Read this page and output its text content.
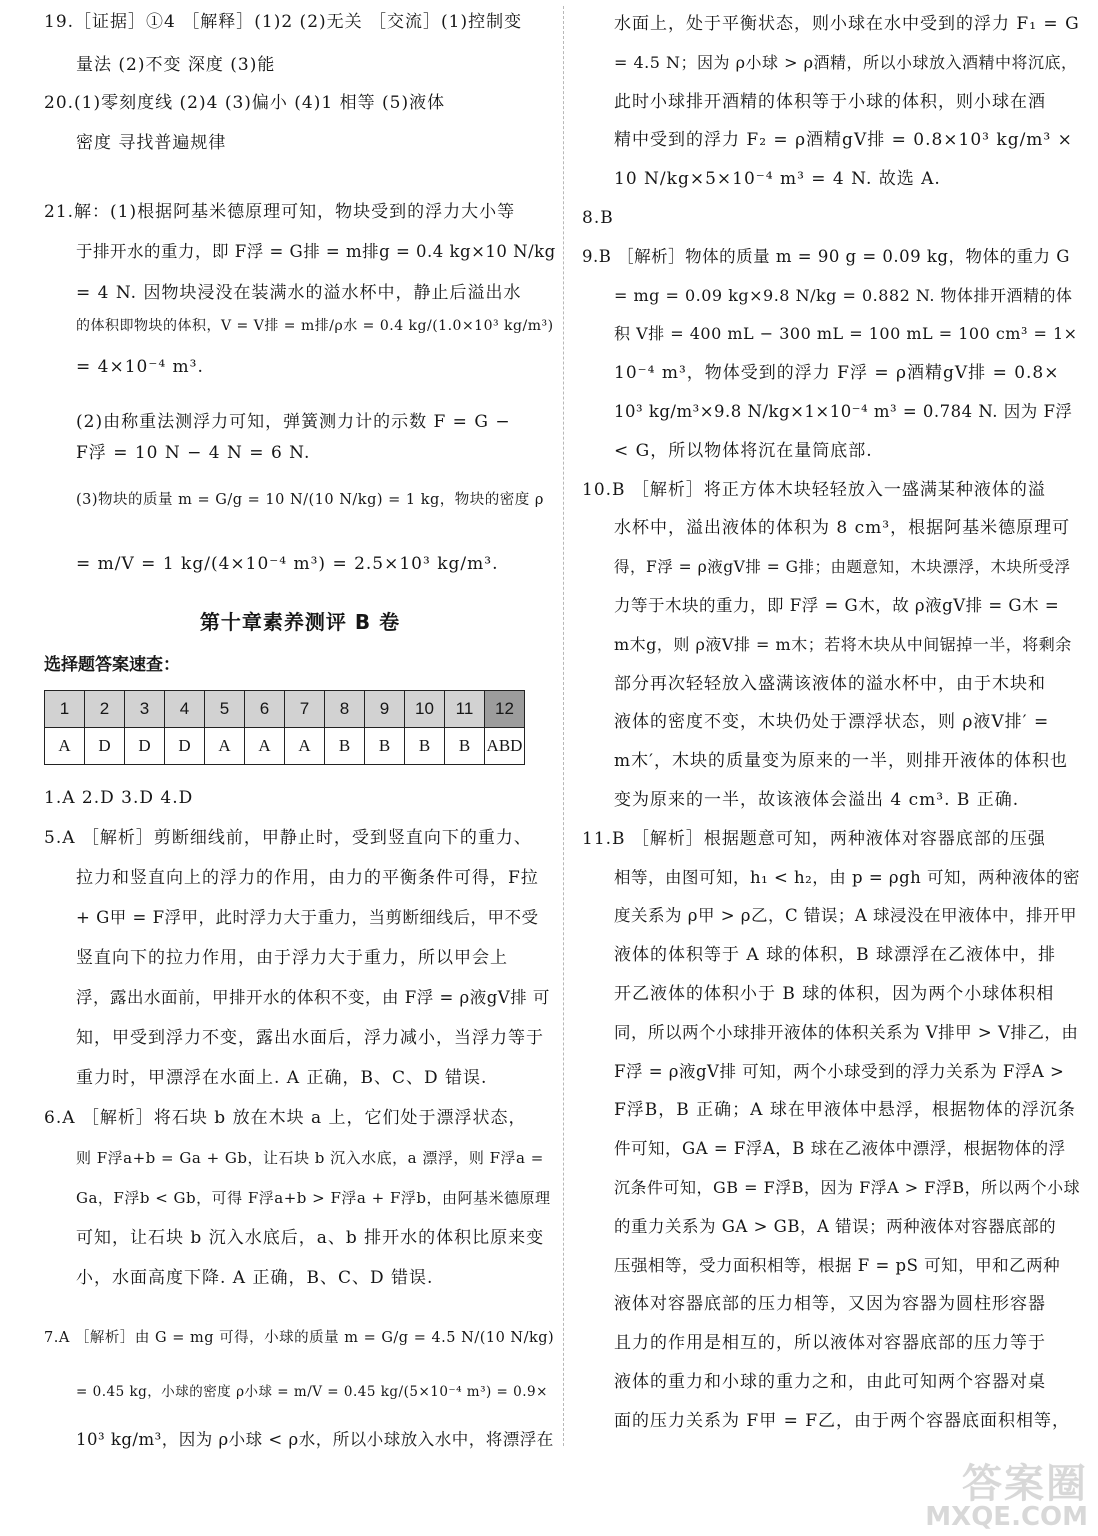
19.［证据］①4 ［解释］(1)2 (2)无关 ［交流］(1)控制变
量法 (2)不变 深度 (3)能
20.(1)零刻度线 (2)4 (3)偏小 (4)1 相等 (5)液体
密度 寻找普遍规律
21.解：(1)根据阿基米德原理可知，物块受到的浮力大小等
于排开水的重力，即 F浮 = G排 = m排g = 0.4 kg×10 N/kg
= 4 N. 因物块浸没在装满水的溢水杯中，静止后溢出水
的体积即物块的体积，V = V排 = m排/ρ水 = 0.4 kg/(1.0×10³ kg/m³)
= 4×10⁻⁴ m³.
(2)由称重法测浮力可知，弹簧测力计的示数 F = G −
F浮 = 10 N − 4 N = 6 N.
(3)物块的质量 m = G/g = 10 N/(10 N/kg) = 1 kg，物块的密度 ρ
= m/V = 1 kg/(4×10⁻⁴ m³) = 2.5×10³ kg/m³.
第十章素养测评 B 卷
选择题答案速查：
1	2	3	4	5	6	7	8	9	10	11	12
A	D	D	D	A	A	A	B	B	B	B	ABD
1.A 2.D 3.D 4.D
5.A ［解析］剪断细线前，甲静止时，受到竖直向下的重力、
拉力和竖直向上的浮力的作用，由力的平衡条件可得，F拉
+ G甲 = F浮甲，此时浮力大于重力，当剪断细线后，甲不受
竖直向下的拉力作用，由于浮力大于重力，所以甲会上
浮，露出水面前，甲排开水的体积不变，由 F浮 = ρ液gV排 可
知，甲受到浮力不变，露出水面后，浮力减小，当浮力等于
重力时，甲漂浮在水面上. A 正确，B、C、D 错误.
6.A ［解析］将石块 b 放在木块 a 上，它们处于漂浮状态，
则 F浮a+b = Ga + Gb，让石块 b 沉入水底，a 漂浮，则 F浮a =
Ga，F浮b < Gb，可得 F浮a+b > F浮a + F浮b，由阿基米德原理
可知，让石块 b 沉入水底后，a、b 排开水的体积比原来变
小，水面高度下降. A 正确，B、C、D 错误.
7.A ［解析］由 G = mg 可得，小球的质量 m = G/g = 4.5 N/(10 N/kg)
= 0.45 kg，小球的密度 ρ小球 = m/V = 0.45 kg/(5×10⁻⁴ m³) = 0.9×
10³ kg/m³，因为 ρ小球 < ρ水，所以小球放入水中，将漂浮在
水面上，处于平衡状态，则小球在水中受到的浮力 F₁ = G
= 4.5 N；因为 ρ小球 > ρ酒精，所以小球放入酒精中将沉底，
此时小球排开酒精的体积等于小球的体积，则小球在酒
精中受到的浮力 F₂ = ρ酒精gV排 = 0.8×10³ kg/m³ ×
10 N/kg×5×10⁻⁴ m³ = 4 N. 故选 A.
8.B
9.B ［解析］物体的质量 m = 90 g = 0.09 kg，物体的重力 G
= mg = 0.09 kg×9.8 N/kg = 0.882 N. 物体排开酒精的体
积 V排 = 400 mL − 300 mL = 100 mL = 100 cm³ = 1×
10⁻⁴ m³，物体受到的浮力 F浮 = ρ酒精gV排 = 0.8×
10³ kg/m³×9.8 N/kg×1×10⁻⁴ m³ = 0.784 N. 因为 F浮
< G，所以物体将沉在量筒底部.
10.B ［解析］将正方体木块轻轻放入一盛满某种液体的溢
水杯中，溢出液体的体积为 8 cm³，根据阿基米德原理可
得，F浮 = ρ液gV排 = G排；由题意知，木块漂浮，木块所受浮
力等于木块的重力，即 F浮 = G木，故 ρ液gV排 = G木 =
m木g，则 ρ液V排 = m木；若将木块从中间锯掉一半，将剩余
部分再次轻轻放入盛满该液体的溢水杯中，由于木块和
液体的密度不变，木块仍处于漂浮状态，则 ρ液V排′ =
m木′，木块的质量变为原来的一半，则排开液体的体积也
变为原来的一半，故该液体会溢出 4 cm³. B 正确.
11.B ［解析］根据题意可知，两种液体对容器底部的压强
相等，由图可知，h₁ < h₂，由 p = ρgh 可知，两种液体的密
度关系为 ρ甲 > ρ乙，C 错误；A 球浸没在甲液体中，排开甲
液体的体积等于 A 球的体积，B 球漂浮在乙液体中，排
开乙液体的体积小于 B 球的体积，因为两个小球体积相
同，所以两个小球排开液体的体积关系为 V排甲 > V排乙，由
F浮 = ρ液gV排 可知，两个小球受到的浮力关系为 F浮A >
F浮B，B 正确；A 球在甲液体中悬浮，根据物体的浮沉条
件可知，GA = F浮A，B 球在乙液体中漂浮，根据物体的浮
沉条件可知，GB = F浮B，因为 F浮A > F浮B，所以两个小球
的重力关系为 GA > GB，A 错误；两种液体对容器底部的
压强相等，受力面积相等，根据 F = pS 可知，甲和乙两种
液体对容器底部的压力相等，又因为容器为圆柱形容器
且力的作用是相互的，所以液体对容器底部的压力等于
液体的重力和小球的重力之和，由此可知两个容器对桌
面的压力关系为 F甲 = F乙，由于两个容器底面积相等，
答案圈
MXQE.COM
